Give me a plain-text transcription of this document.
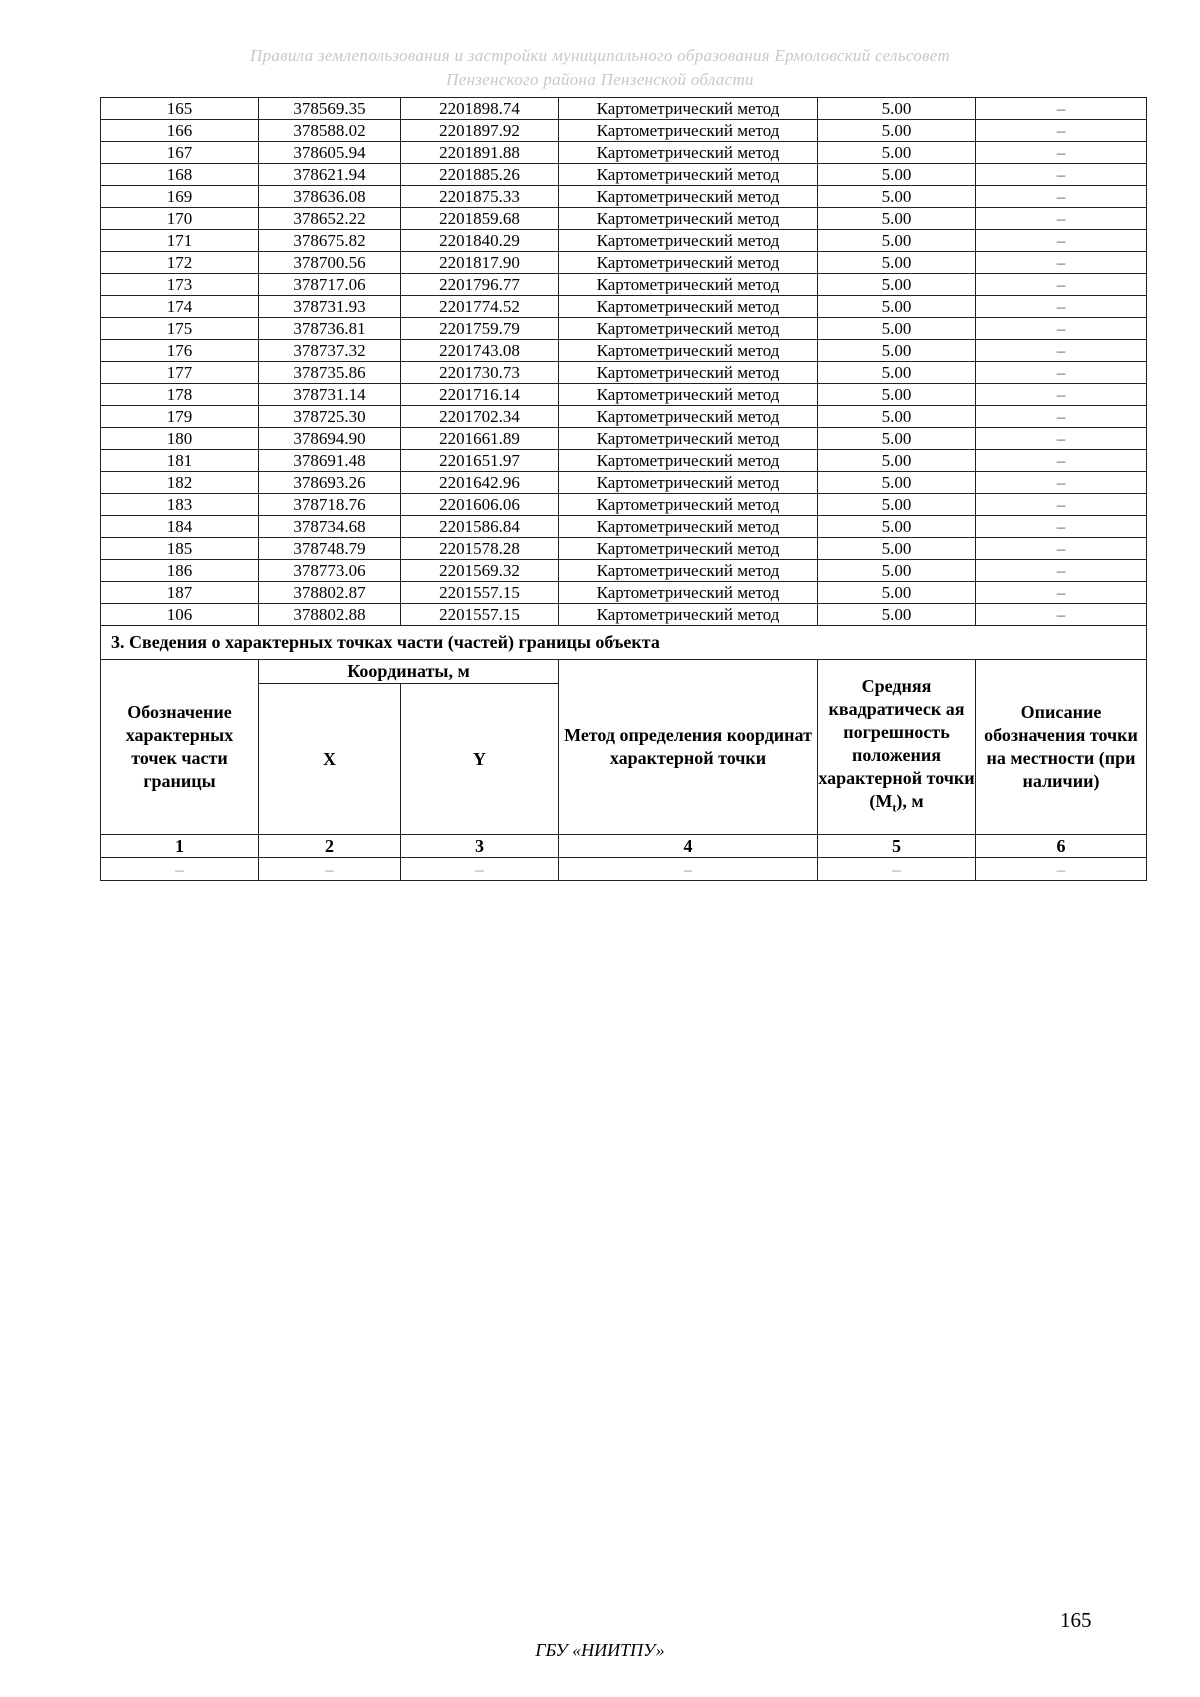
Правила землепользования и застройки муниципального образования Ермоловский сельсовет
Пензенского района Пензенской области
165	378569.35	2201898.74	Картометрический метод	5.00	–
166	378588.02	2201897.92	Картометрический метод	5.00	–
167	378605.94	2201891.88	Картометрический метод	5.00	–
168	378621.94	2201885.26	Картометрический метод	5.00	–
169	378636.08	2201875.33	Картометрический метод	5.00	–
170	378652.22	2201859.68	Картометрический метод	5.00	–
171	378675.82	2201840.29	Картометрический метод	5.00	–
172	378700.56	2201817.90	Картометрический метод	5.00	–
173	378717.06	2201796.77	Картометрический метод	5.00	–
174	378731.93	2201774.52	Картометрический метод	5.00	–
175	378736.81	2201759.79	Картометрический метод	5.00	–
176	378737.32	2201743.08	Картометрический метод	5.00	–
177	378735.86	2201730.73	Картометрический метод	5.00	–
178	378731.14	2201716.14	Картометрический метод	5.00	–
179	378725.30	2201702.34	Картометрический метод	5.00	–
180	378694.90	2201661.89	Картометрический метод	5.00	–
181	378691.48	2201651.97	Картометрический метод	5.00	–
182	378693.26	2201642.96	Картометрический метод	5.00	–
183	378718.76	2201606.06	Картометрический метод	5.00	–
184	378734.68	2201586.84	Картометрический метод	5.00	–
185	378748.79	2201578.28	Картометрический метод	5.00	–
186	378773.06	2201569.32	Картометрический метод	5.00	–
187	378802.87	2201557.15	Картометрический метод	5.00	–
106	378802.88	2201557.15	Картометрический метод	5.00	–
3. Сведения о характерных точках части (частей) границы объекта					
Обозначение характерных точек части границы	Координаты, м		Метод определения координат характерной точки	Средняя квадратическ ая погрешность положения характерной точки $(M_t)$, м	Описание обозначения точки на местности (при наличии)
	X	Y			
1	2	3	4	5	6
–	–	–	–	–	–
165
ГБУ «НИИТПУ»
